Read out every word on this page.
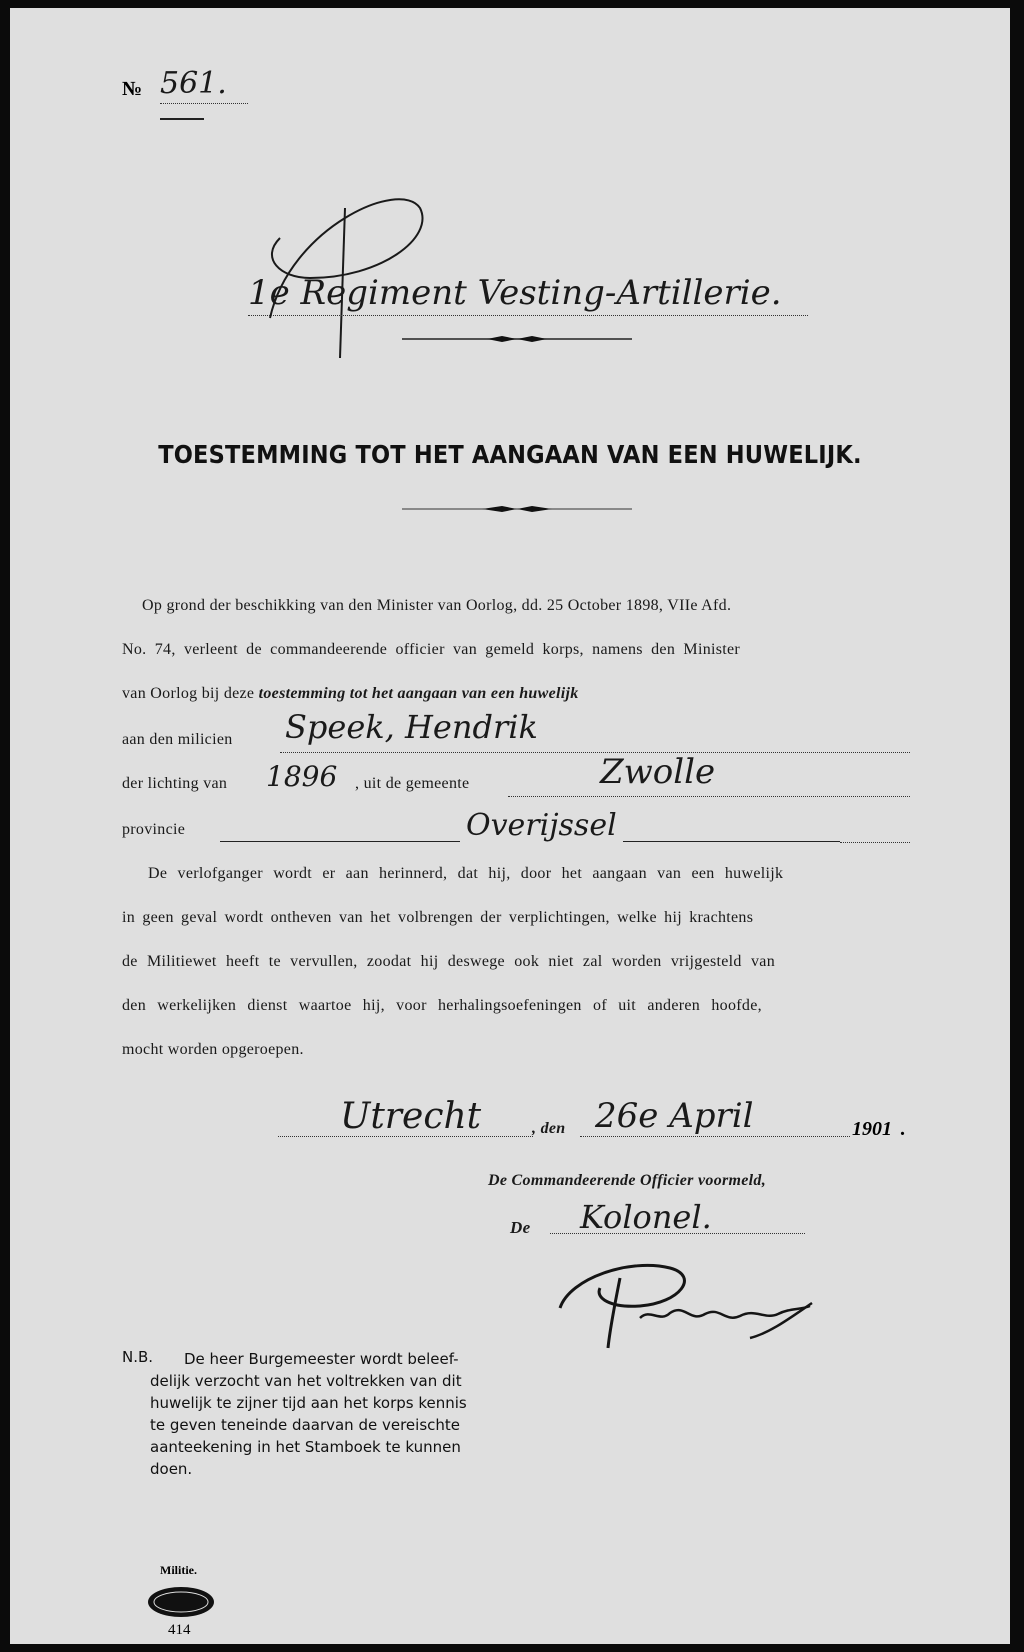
№ 561.
1e Regiment Vesting-Artillerie.
TOESTEMMING TOT HET AANGAAN VAN EEN HUWELIJK.
Op grond der beschikking van den Minister van Oorlog, dd. 25 October 1898, VIIe Afd.
No. 74, verleent de commandeerende officier van gemeld korps, namens den Minister
van Oorlog bij deze toestemming tot het aangaan van een huwelijk
aan den milicien Speek, Hendrik
der lichting van 1896 , uit de gemeente	Zwolle
provincie	Overijssel
De verlofganger wordt er aan herinnerd, dat hij, door het aangaan van een huwelijk
in geen geval wordt ontheven van het volbrengen der verplichtingen, welke hij krachtens
de Militiewet heeft te vervullen, zoodat hij deswege ook niet zal worden vrijgesteld van
den werkelijken dienst waartoe hij, voor herhalingsoefeningen of uit anderen hoofde,
mocht worden opgeroepen.
Utrecht	, den 26e April	1901 .
De Commandeerende Officier voormeld,
De Kolonel.
N.B.	De heer Burgemeester wordt beleef-
delijk verzocht van het voltrekken van dit
huwelijk te zijner tijd aan het korps kennis
te geven teneinde daarvan de vereischte
aanteekening in het Stamboek te kunnen
doen.
Militie.
414
